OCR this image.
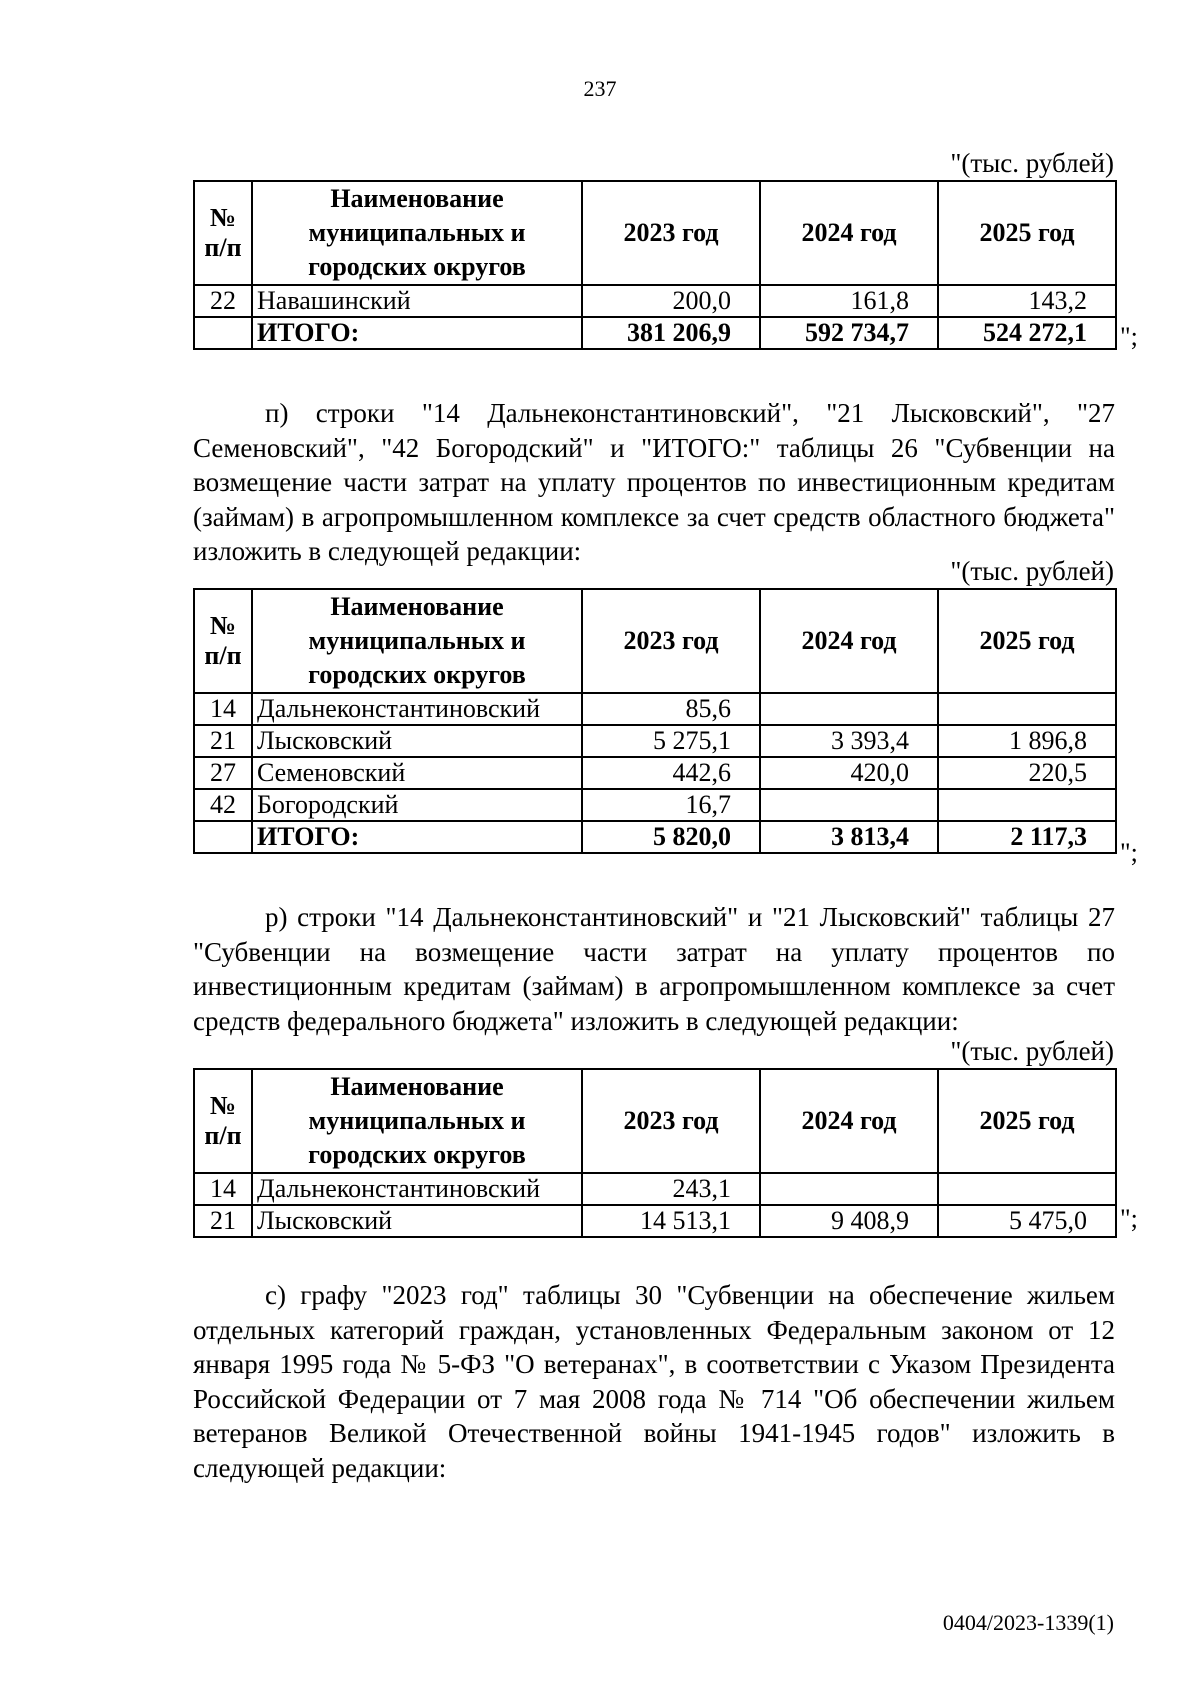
237
"(тыс. рублей)
№ п/п	Наименование муниципальных и городских округов	2023 год	2024 год	2025 год
22	Навашинский	200,0	161,8	143,2
	ИТОГО:	381 206,9	592 734,7	524 272,1 ";
п) строки "14 Дальнеконстантиновский", "21 Лысковский", "27 Семеновский", "42 Богородский" и "ИТОГО:" таблицы 26 "Субвенции на возмещение части затрат на уплату процентов по инвестиционным кредитам (займам) в агропромышленном комплексе за счет средств областного бюджета" изложить в следующей редакции:
"(тыс. рублей)
№ п/п	Наименование муниципальных и городских округов	2023 год	2024 год	2025 год
14	Дальнеконстантиновский	85,6		
21	Лысковский	5 275,1	3 393,4	1 896,8
27	Семеновский	442,6	420,0	220,5
42	Богородский	16,7		
	ИТОГО:	5 820,0	3 813,4	2 117,3
";
р) строки "14 Дальнеконстантиновский" и "21 Лысковский" таблицы 27 "Субвенции на возмещение части затрат на уплату процентов по инвестиционным кредитам (займам) в агропромышленном комплексе за счет средств федерального бюджета" изложить в следующей редакции:
"(тыс. рублей)
№ п/п	Наименование муниципальных и городских округов	2023 год	2024 год	2025 год
14	Дальнеконстантиновский	243,1		
21	Лысковский	14 513,1	9 408,9	5 475,0 ";
с) графу "2023 год" таблицы 30 "Субвенции на обеспечение жильем отдельных категорий граждан, установленных Федеральным законом от 12 января 1995 года № 5-ФЗ "О ветеранах", в соответствии с Указом Президента Российской Федерации от 7 мая 2008 года № 714 "Об обеспечении жильем ветеранов Великой Отечественной войны 1941-1945 годов" изложить в следующей редакции:
0404/2023-1339(1)
